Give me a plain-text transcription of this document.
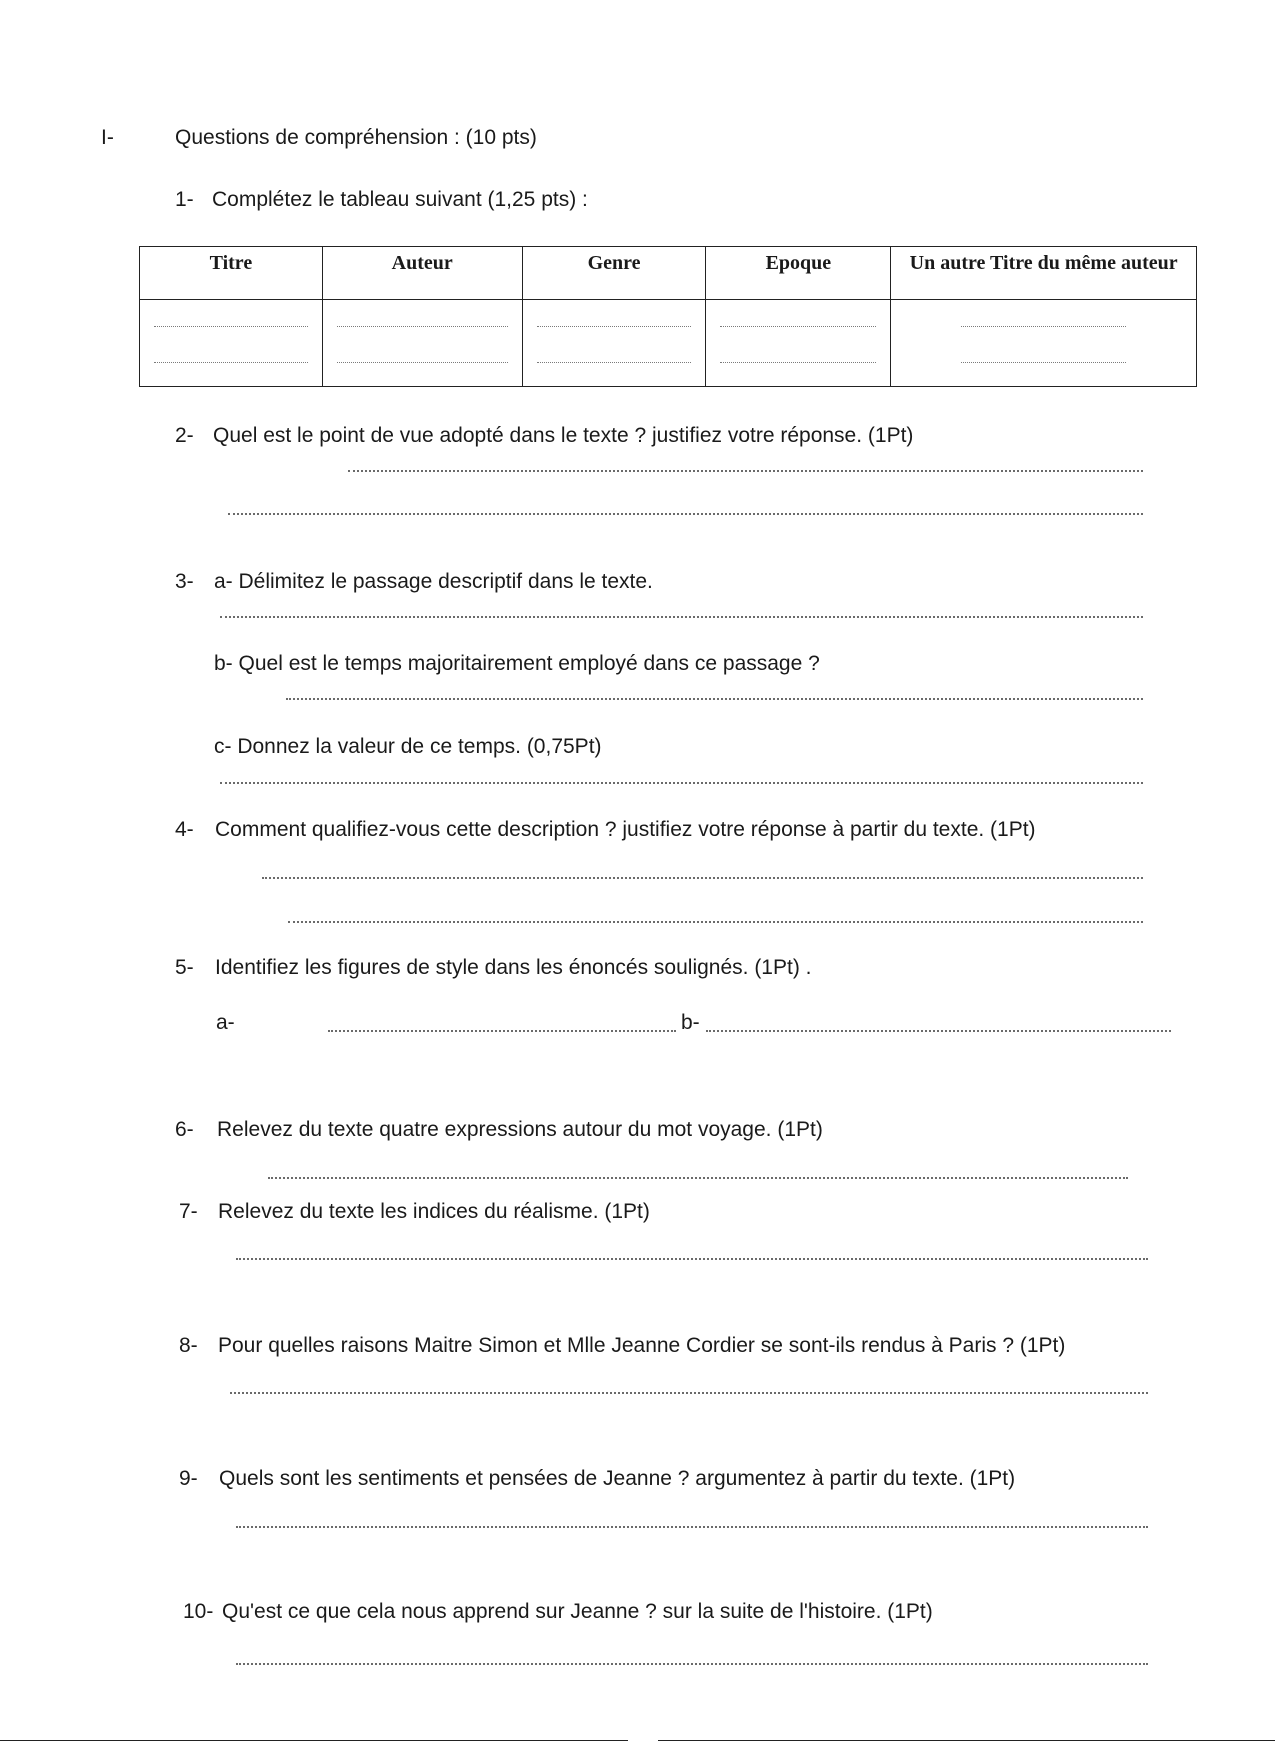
I-	Questions de compréhension : (10 pts)
1- Complétez le tableau suivant (1,25 pts) :
Titre	Auteur	Genre	Epoque	Un autre Titre du même auteur

2- Quel est le point de vue adopté dans le texte ? justifiez votre réponse. (1Pt)
3- a- Délimitez le passage descriptif dans le texte.
b- Quel est le temps majoritairement employé dans ce passage ?
c- Donnez la valeur de ce temps. (0,75Pt)
4- Comment qualifiez-vous cette description ? justifiez votre réponse à partir du texte. (1Pt)
5- Identifiez les figures de style dans les énoncés soulignés. (1Pt) .
a-	b-
6- Relevez du texte quatre expressions autour du mot voyage. (1Pt)
7- Relevez du texte les indices du réalisme. (1Pt)
8- Pour quelles raisons Maitre Simon et Mlle Jeanne Cordier se sont-ils rendus à Paris ? (1Pt)
9- Quels sont les sentiments et pensées de Jeanne ? argumentez à partir du texte. (1Pt)
10- Qu'est ce que cela nous apprend sur Jeanne ? sur la suite de l'histoire. (1Pt)
